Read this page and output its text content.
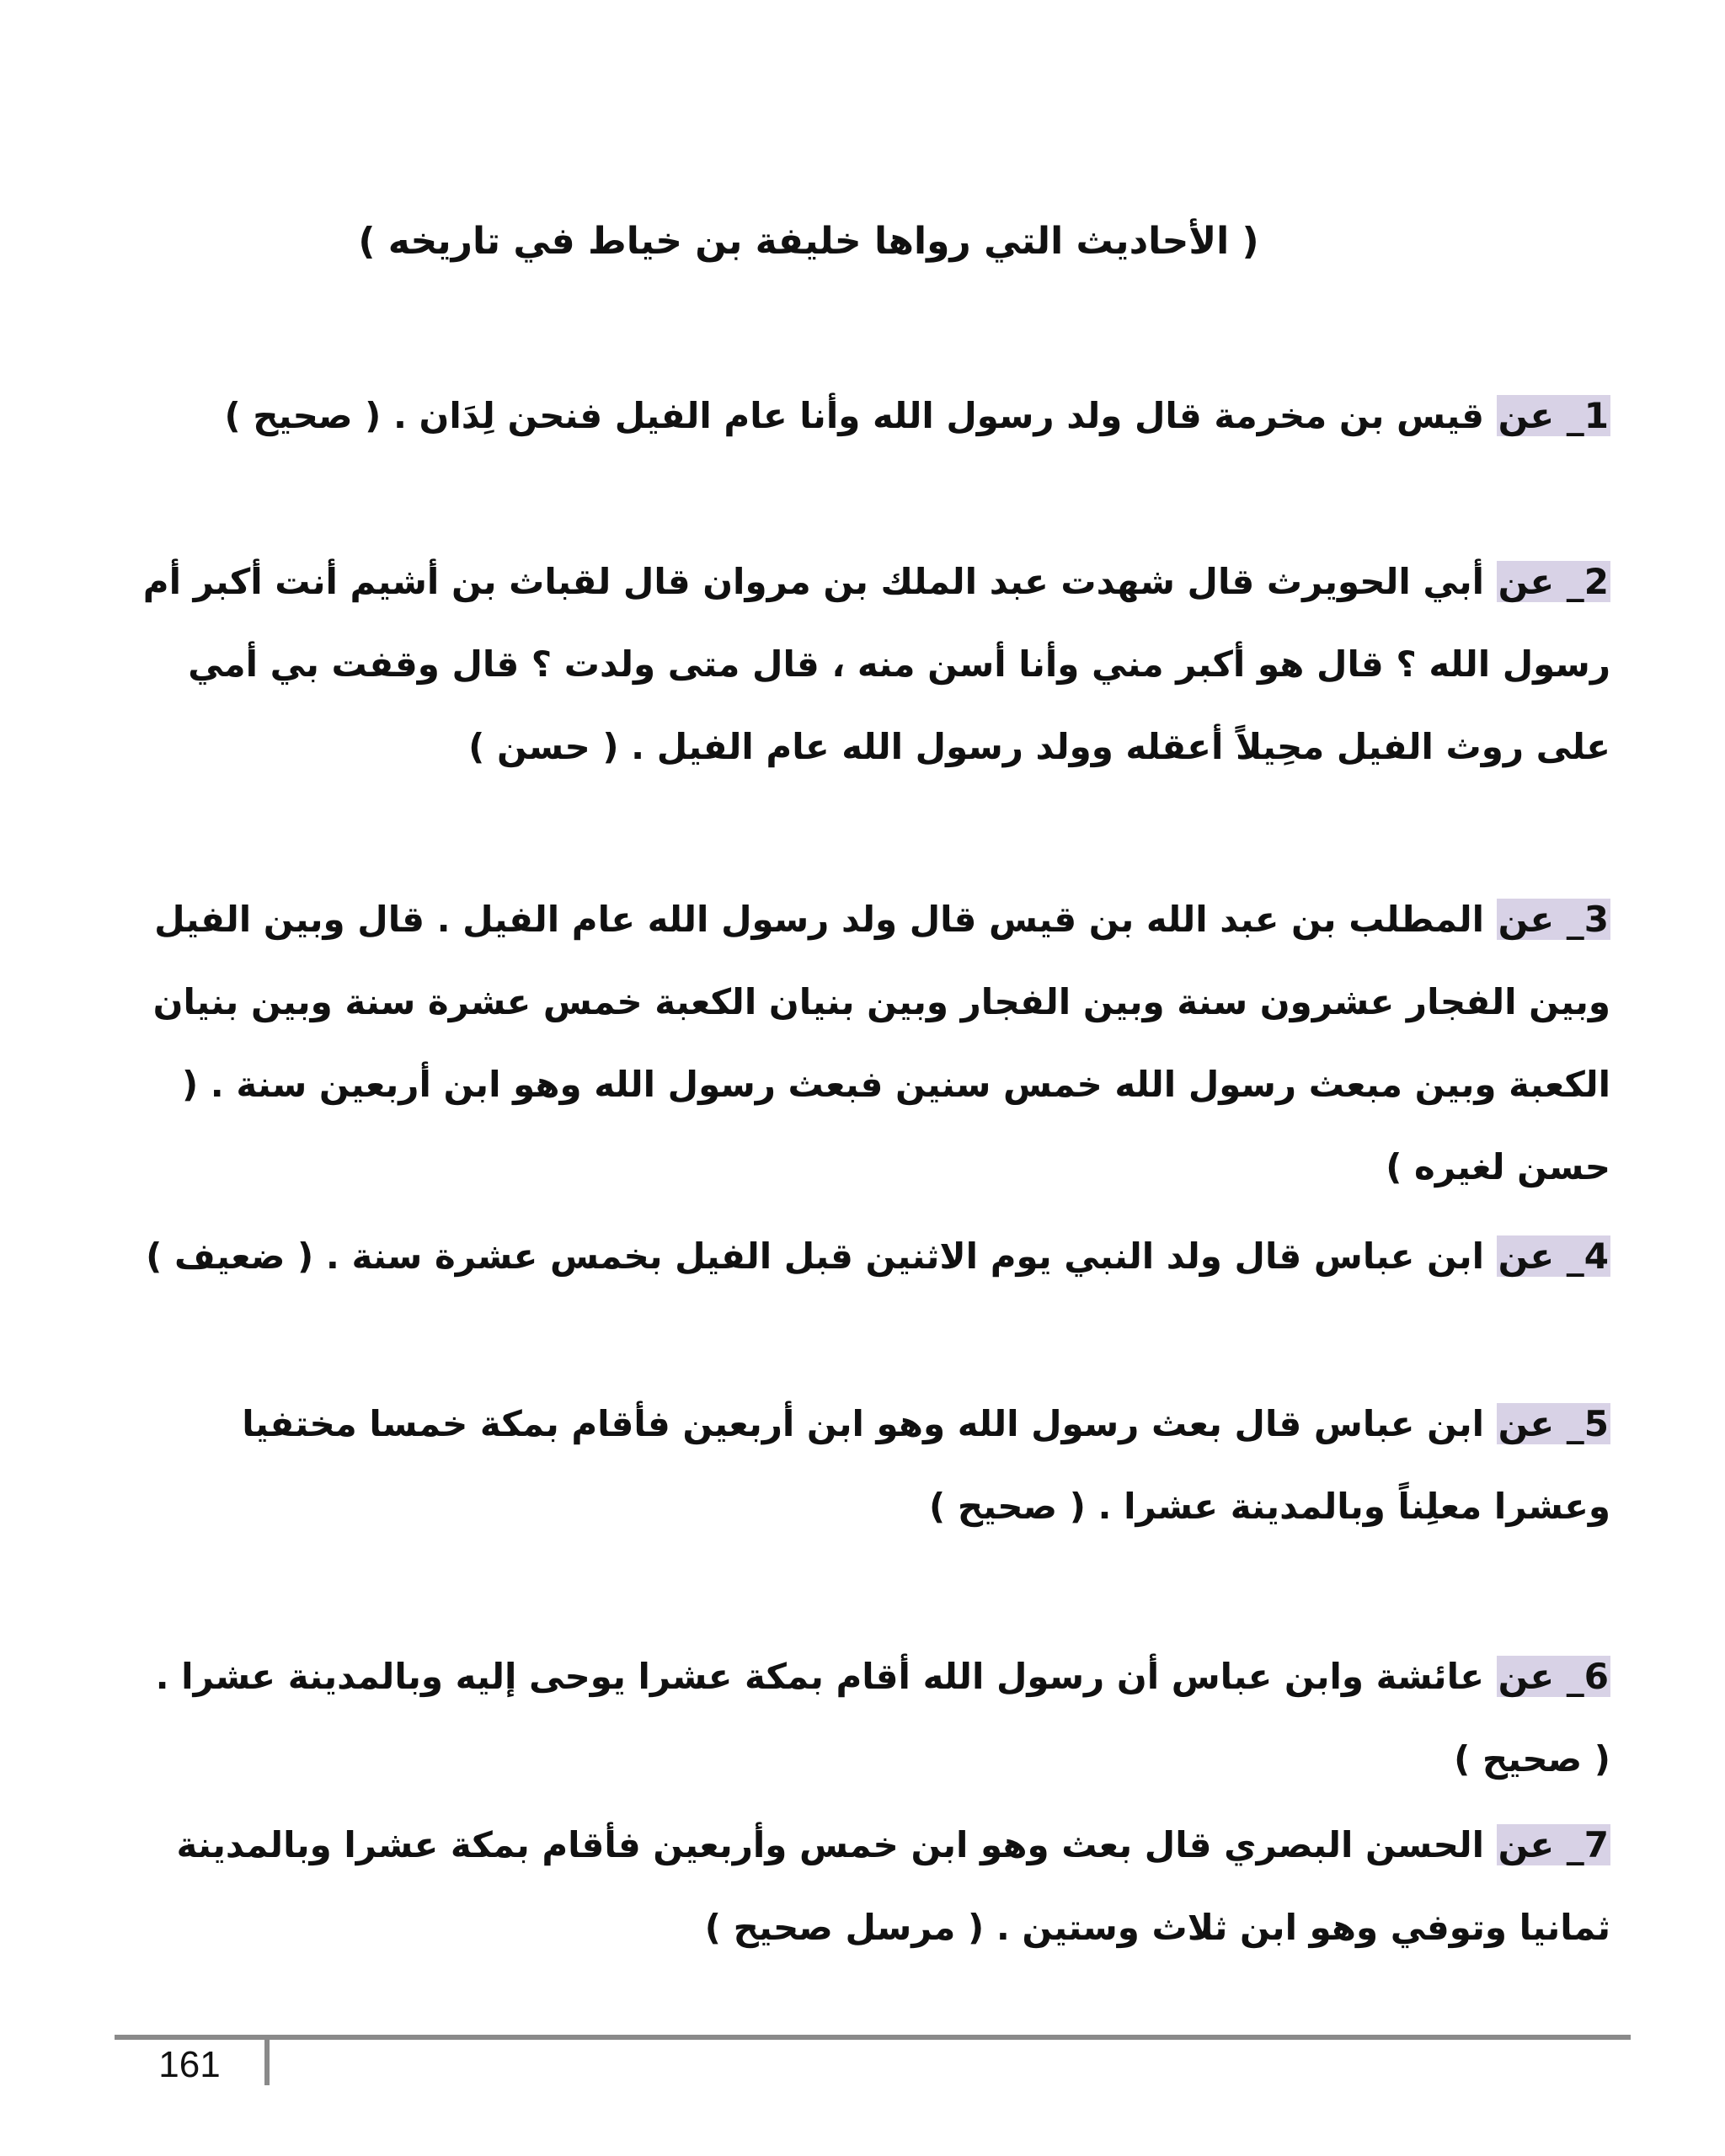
( الأحاديث التي رواها خليفة بن خياط في تاريخه )
1_ عن قيس بن مخرمة قال ولد رسول الله وأنا عام الفيل فنحن لِدَان . ( صحيح )
2_ عن أبي الحويرث قال شهدت عبد الملك بن مروان قال لقباث بن أشيم أنت أكبر أم رسول الله ؟ قال هو أكبر مني وأنا أسن منه ، قال متى ولدت ؟ قال وقفت بي أمي على روث الفيل محِيلاً أعقله وولد رسول الله عام الفيل . ( حسن )
3_ عن المطلب بن عبد الله بن قيس قال ولد رسول الله عام الفيل . قال وبين الفيل وبين الفجار عشرون سنة وبين الفجار وبين بنيان الكعبة خمس عشرة سنة وبين بنيان الكعبة وبين مبعث رسول الله خمس سنين فبعث رسول الله وهو ابن أربعين سنة . ( حسن لغيره )
4_ عن ابن عباس قال ولد النبي يوم الاثنين قبل الفيل بخمس عشرة سنة . ( ضعيف )
5_ عن ابن عباس قال بعث رسول الله وهو ابن أربعين فأقام بمكة خمسا مختفيا وعشرا معلِناً وبالمدينة عشرا . ( صحيح )
6_ عن عائشة وابن عباس أن رسول الله أقام بمكة عشرا يوحى إليه وبالمدينة عشرا . ( صحيح )
7_ عن الحسن البصري قال بعث وهو ابن خمس وأربعين فأقام بمكة عشرا وبالمدينة ثمانيا وتوفي وهو ابن ثلاث وستين . ( مرسل صحيح )
161
